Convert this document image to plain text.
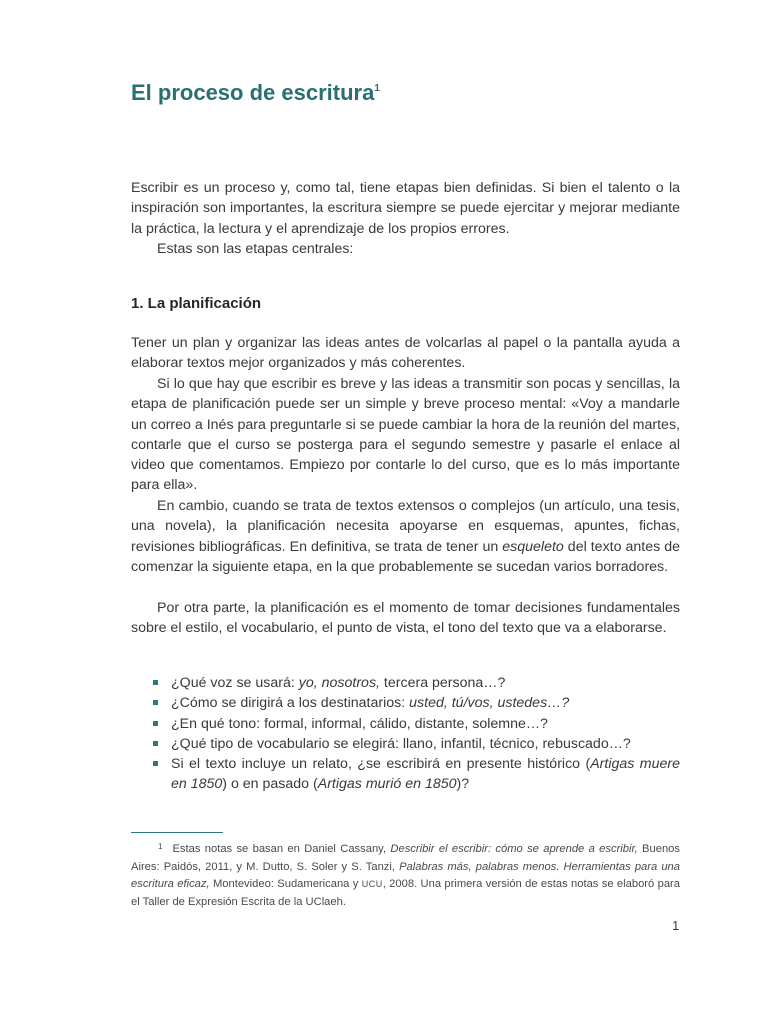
El proceso de escritura$^1$

Escribir es un proceso y, como tal, tiene etapas bien definidas. Si bien el talento o la inspiración son importantes, la escritura siempre se puede ejercitar y mejorar mediante la práctica, la lectura y el aprendizaje de los propios errores.

Estas son las etapas centrales:

1. La planificación

Tener un plan y organizar las ideas antes de volcarlas al papel o la pantalla ayuda a elaborar textos mejor organizados y más coherentes.

Si lo que hay que escribir es breve y las ideas a transmitir son pocas y sencillas, la etapa de planificación puede ser un simple y breve proceso mental: «Voy a mandarle un correo a Inés para preguntarle si se puede cambiar la hora de la reunión del martes, contarle que el curso se posterga para el segundo semestre y pasarle el enlace al video que comentamos. Empiezo por contarle lo del curso, que es lo más importante para ella».

En cambio, cuando se trata de textos extensos o complejos (un artículo, una tesis, una novela), la planificación necesita apoyarse en esquemas, apuntes, fichas, revisiones bibliográficas. En definitiva, se trata de tener un esqueleto del texto antes de comenzar la siguiente etapa, en la que probablemente se sucedan varios borradores.

Por otra parte, la planificación es el momento de tomar decisiones fundamentales sobre el estilo, el vocabulario, el punto de vista, el tono del texto que va a elaborarse.

¿Qué voz se usará: yo, nosotros, tercera persona…?
¿Cómo se dirigirá a los destinatarios: usted, tú/vos, ustedes…?
¿En qué tono: formal, informal, cálido, distante, solemne…?
¿Qué tipo de vocabulario se elegirá: llano, infantil, técnico, rebuscado…?
Si el texto incluye un relato, ¿se escribirá en presente histórico (Artigas muere en 1850) o en pasado (Artigas murió en 1850)?

$^1$ Estas notas se basan en Daniel Cassany, Describir el escribir: cómo se aprende a escribir, Buenos Aires: Paidós, 2011, y M. Dutto, S. Soler y S. Tanzi, Palabras más, palabras menos. Herramientas para una escritura eficaz, Montevideo: Sudamericana y UCU, 2008. Una primera versión de estas notas se elaboró para el Taller de Expresión Escrita de la UClaeh.

1
